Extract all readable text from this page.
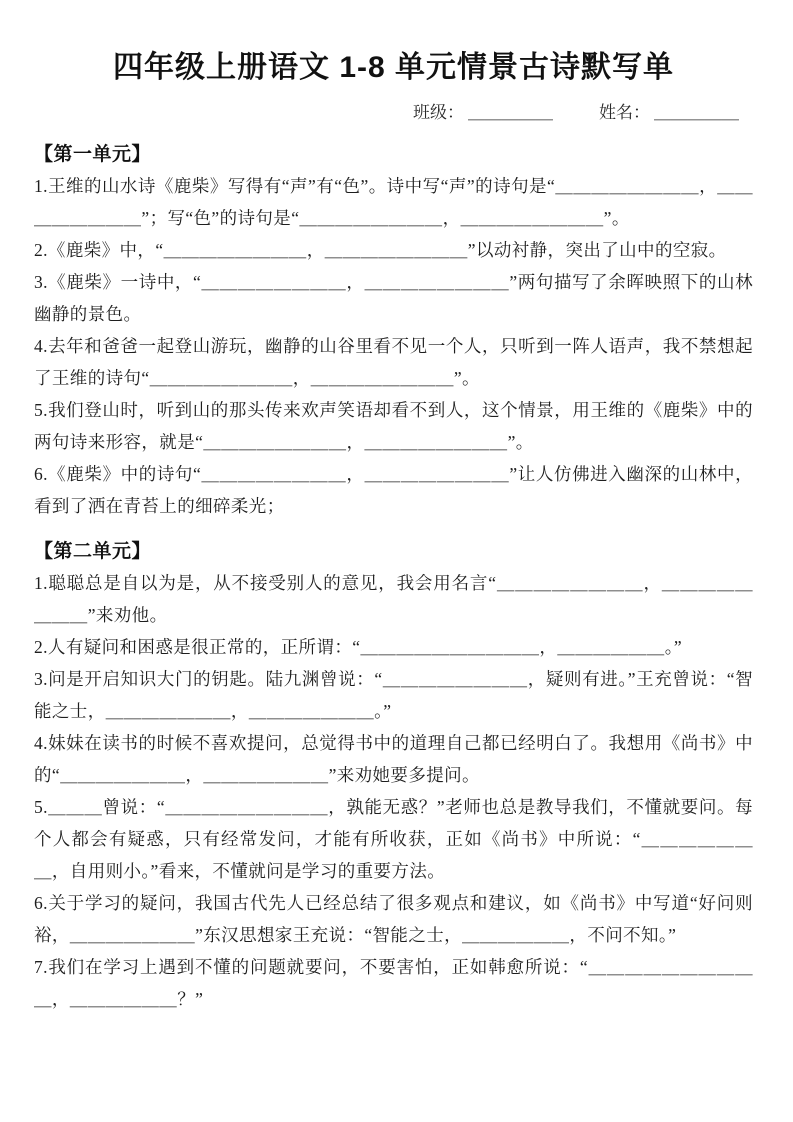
四年级上册语文 1-8 单元情景古诗默写单
班级： ＿＿＿＿＿	姓名： ＿＿＿＿＿
【第一单元】

1.王维的山水诗《鹿柴》写得有“声”有“色”。诗中写“声”的诗句是“＿＿＿＿＿＿＿＿，＿＿＿＿＿＿＿＿”；写“色”的诗句是“＿＿＿＿＿＿＿＿，＿＿＿＿＿＿＿＿”。

2.《鹿柴》中，“＿＿＿＿＿＿＿＿，＿＿＿＿＿＿＿＿”以动衬静，突出了山中的空寂。

3.《鹿柴》一诗中，“＿＿＿＿＿＿＿＿，＿＿＿＿＿＿＿＿”两句描写了余晖映照下的山林幽静的景色。

4.去年和爸爸一起登山游玩，幽静的山谷里看不见一个人，只听到一阵人语声，我不禁想起了王维的诗句“＿＿＿＿＿＿＿＿，＿＿＿＿＿＿＿＿”。

5.我们登山时，听到山的那头传来欢声笑语却看不到人，这个情景，用王维的《鹿柴》中的两句诗来形容，就是“＿＿＿＿＿＿＿＿，＿＿＿＿＿＿＿＿”。

6.《鹿柴》中的诗句“＿＿＿＿＿＿＿＿，＿＿＿＿＿＿＿＿”让人仿佛进入幽深的山林中，看到了洒在青苔上的细碎柔光；

【第二单元】

1.聪聪总是自以为是，从不接受别人的意见，我会用名言“＿＿＿＿＿＿＿＿，＿＿＿＿＿＿＿＿”来劝他。

2.人有疑问和困惑是很正常的，正所谓：“＿＿＿＿＿＿＿＿＿＿，＿＿＿＿＿＿。”

3.问是开启知识大门的钥匙。陆九渊曾说：“＿＿＿＿＿＿＿＿，疑则有进。”王充曾说：“智能之士，＿＿＿＿＿＿＿，＿＿＿＿＿＿＿。”

4.妹妹在读书的时候不喜欢提问，总觉得书中的道理自己都已经明白了。我想用《尚书》中的“＿＿＿＿＿＿＿，＿＿＿＿＿＿＿”来劝她要多提问。

5.＿＿＿曾说：“＿＿＿＿＿＿＿＿＿，孰能无惑？”老师也总是教导我们，不懂就要问。每个人都会有疑惑，只有经常发问，才能有所收获，正如《尚书》中所说：“＿＿＿＿＿＿＿，自用则小。”看来，不懂就问是学习的重要方法。

6.关于学习的疑问，我国古代先人已经总结了很多观点和建议，如《尚书》中写道“好问则裕，＿＿＿＿＿＿＿”东汉思想家王充说：“智能之士，＿＿＿＿＿＿，不问不知。”

7.我们在学习上遇到不懂的问题就要问，不要害怕，正如韩愈所说：“＿＿＿＿＿＿＿＿＿＿，＿＿＿＿＿＿？”
